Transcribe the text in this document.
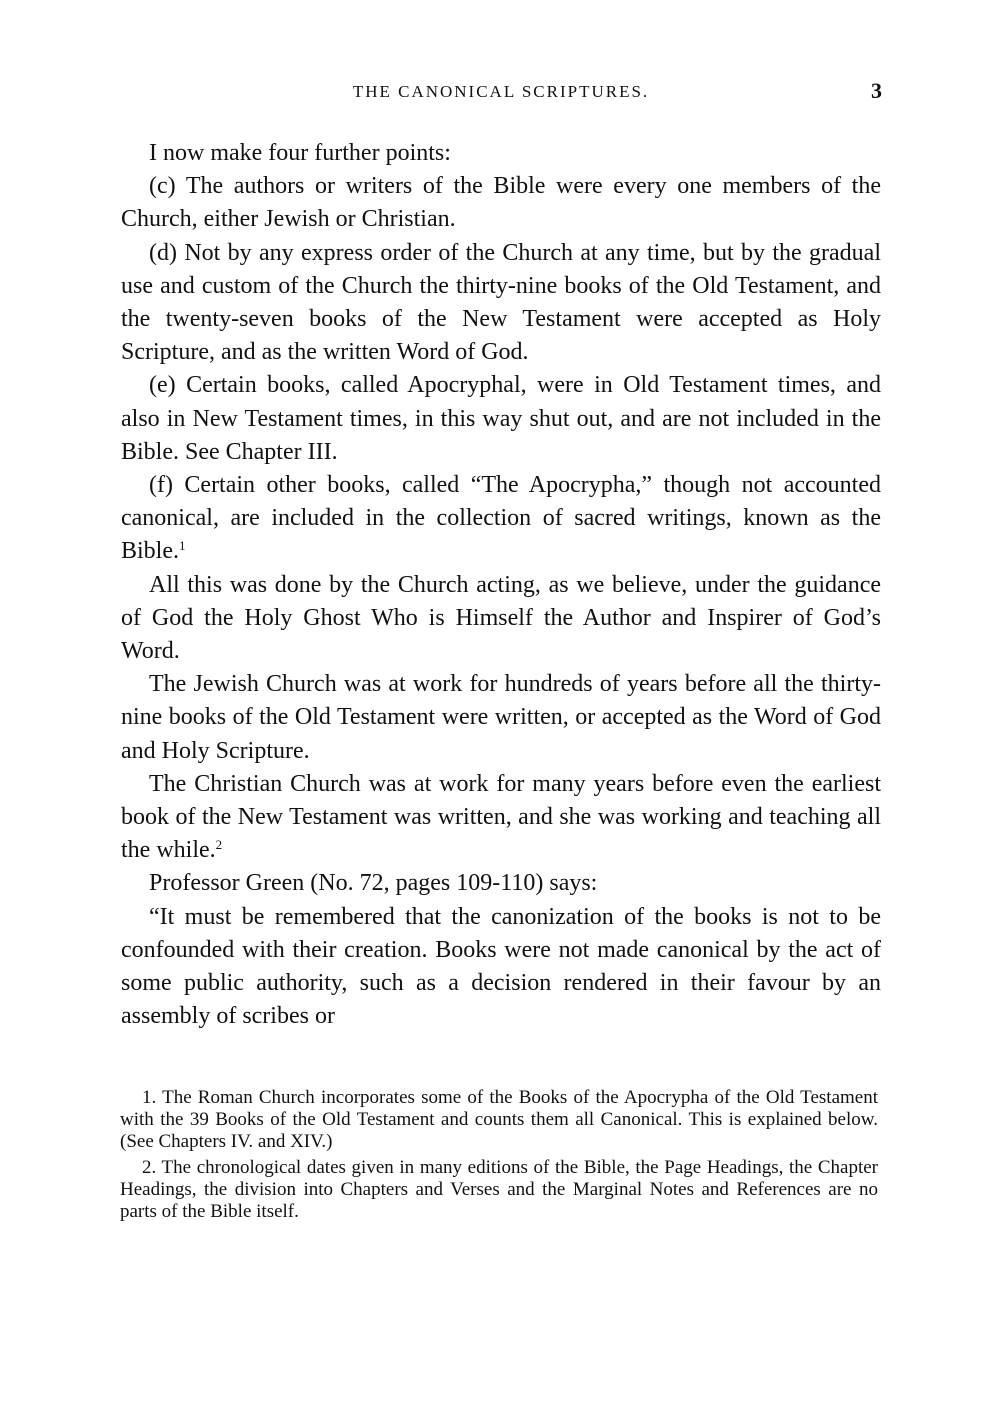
THE CANONICAL SCRIPTURES.	3

I now make four further points:

(c) The authors or writers of the Bible were every one members of the Church, either Jewish or Christian.

(d) Not by any express order of the Church at any time, but by the gradual use and custom of the Church the thirty-nine books of the Old Testament, and the twenty-seven books of the New Testament were accepted as Holy Scripture, and as the written Word of God.

(e) Certain books, called Apocryphal, were in Old Testament times, and also in New Testament times, in this way shut out, and are not included in the Bible. See Chapter III.

(f) Certain other books, called “The Apocrypha,” though not accounted canonical, are included in the collection of sacred writings, known as the Bible.$^1$

All this was done by the Church acting, as we believe, under the guidance of God the Holy Ghost Who is Himself the Author and Inspirer of God’s Word.

The Jewish Church was at work for hundreds of years before all the thirty-nine books of the Old Testament were written, or accepted as the Word of God and Holy Scripture.

The Christian Church was at work for many years before even the earliest book of the New Testament was written, and she was working and teaching all the while.$^2$

Professor Green (No. 72, pages 109-110) says:

“It must be remembered that the canonization of the books is not to be confounded with their creation. Books were not made canonical by the act of some public authority, such as a decision rendered in their favour by an assembly of scribes or

1. The Roman Church incorporates some of the Books of the Apocrypha of the Old Testament with the 39 Books of the Old Testament and counts them all Canonical. This is explained below. (See Chapters IV. and XIV.)

2. The chronological dates given in many editions of the Bible, the Page Headings, the Chapter Headings, the division into Chapters and Verses and the Marginal Notes and References are no parts of the Bible itself.
